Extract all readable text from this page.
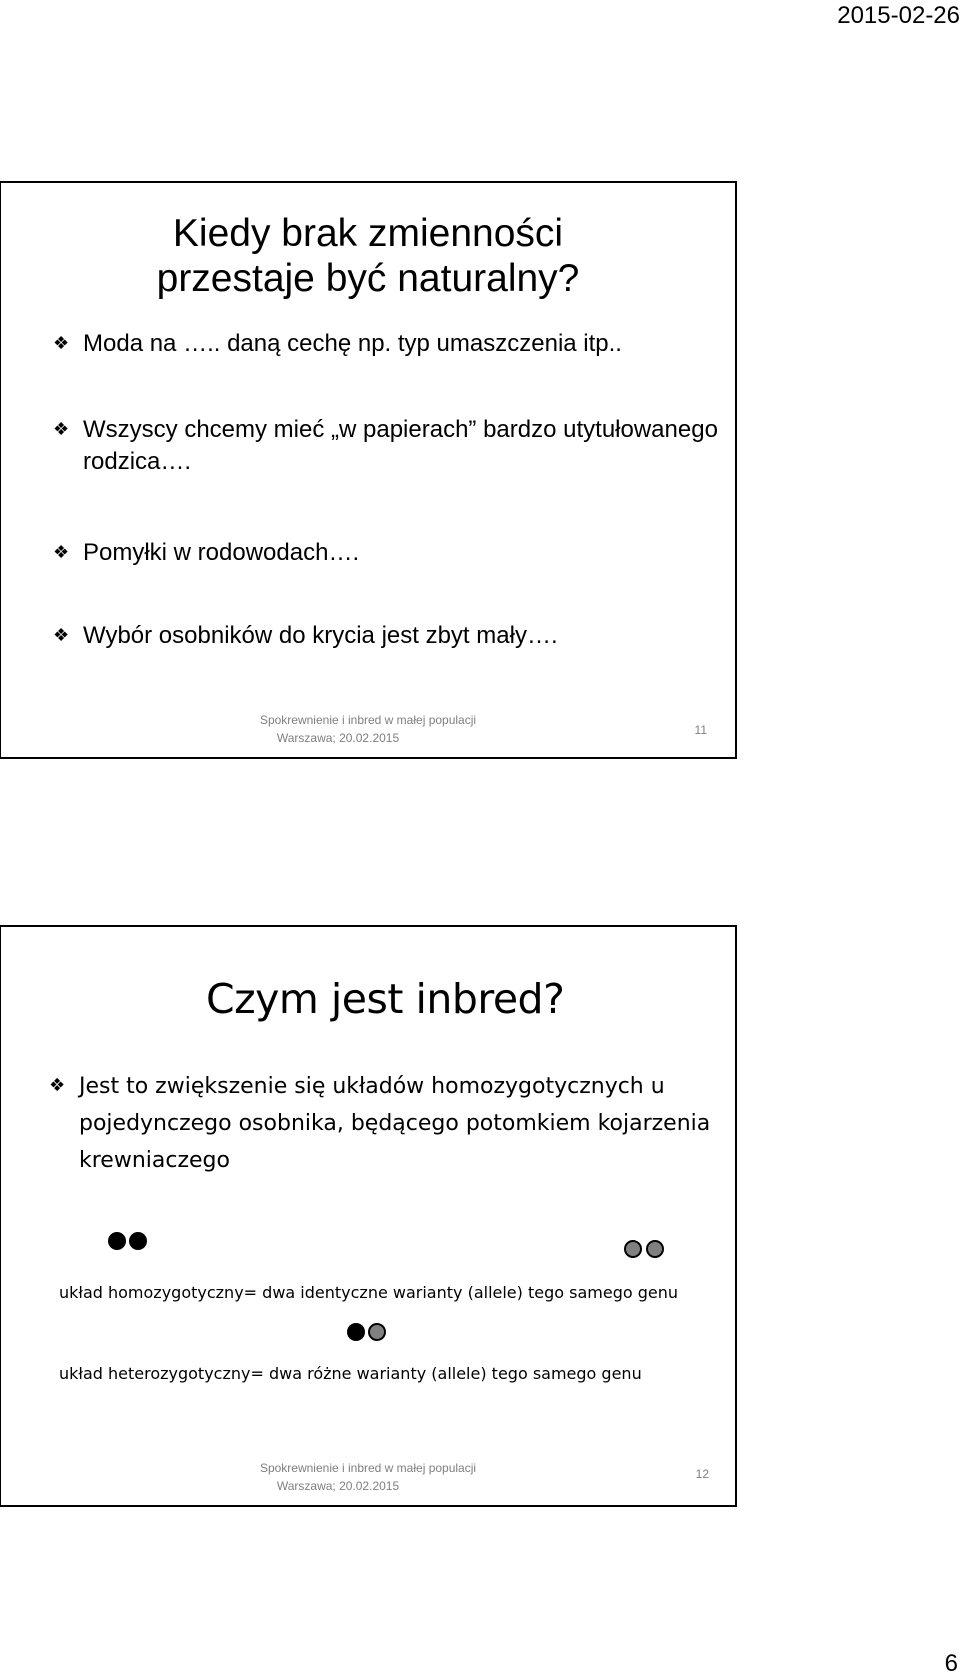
2015-02-26
Kiedy brak zmienności przestaje być naturalny?
❖ Moda na ….. daną cechę np. typ umaszczenia itp..
❖ Wszyscy chcemy mieć „w papierach” bardzo utytułowanego rodzica….
❖ Pomyłki w rodowodach….
❖ Wybór osobników do krycia jest zbyt mały….
Spokrewnienie i inbred w małej populacji
Warszawa; 20.02.2015
11
Czym jest inbred?
❖ Jest to zwiększenie się układów homozygotycznych u pojedynczego osobnika, będącego potomkiem kojarzenia krewniaczego
układ homozygotyczny= dwa identyczne warianty (allele) tego samego genu
układ heterozygotyczny= dwa różne warianty (allele) tego samego genu
Spokrewnienie i inbred w małej populacji
Warszawa; 20.02.2015
12
6
